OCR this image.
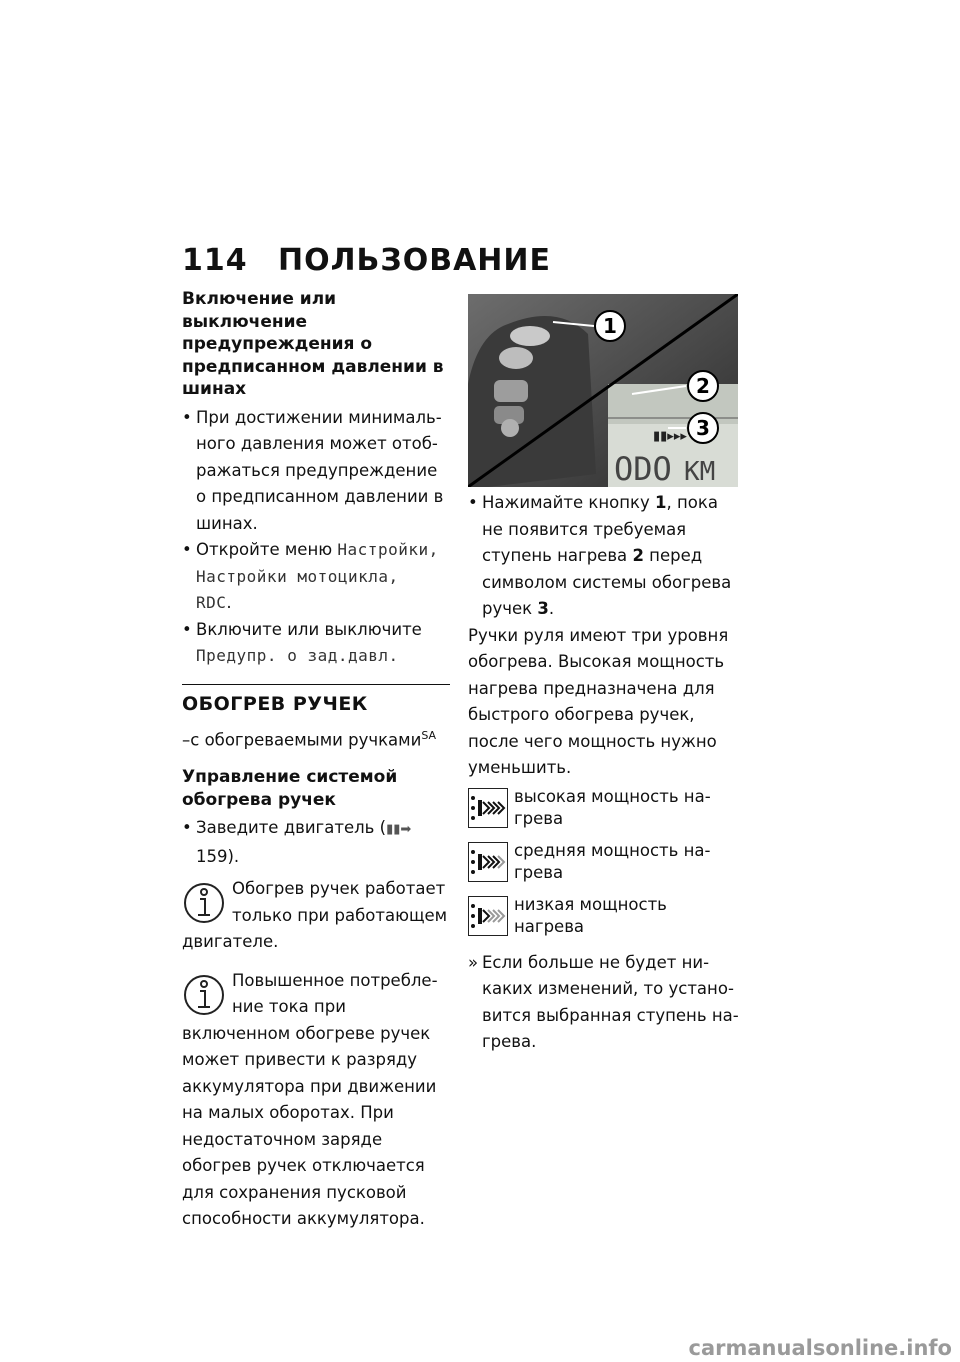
114 ПОЛЬЗОВАНИЕ
Включение или выключение предупреждения о предписанном давлении в шинах
• При достижении минимального давления может отображаться предупреждение о предписанном давлении в шинах.
• Откройте меню Настройки,
Настройки мотоцикла,
RDC.
• Включите или выключите
Предупр. о зад.давл.
ОБОГРЕВ РУЧЕК
–с обогреваемыми ручками$^{SA}$
Управление системой обогрева ручек
• Заведите двигатель (▮▮➡ 159).
Обогрев ручек работает только при работающем двигателе.
Повышенное потребление тока при включенном обогреве ручек может привести к разряду аккумулятора при движении на малых оборотах. При недостаточном заряде обогрев ручек отключается для сохранения пусковой способности аккумулятора.
▮▮▸▸▸
ODO KM
1
2
3
• Нажимайте кнопку 1, пока не появится требуемая ступень нагрева 2 перед символом системы обогрева ручек 3.
Ручки руля имеют три уровня обогрева. Высокая мощность нагрева предназначена для быстрого обогрева ручек, после чего мощность нужно уменьшить.
высокая мощность нагрева
средняя мощность нагрева
низкая мощность нагрева
» Если больше не будет никаких изменений, то установится выбранная ступень нагрева.
carmanualsonline.info
